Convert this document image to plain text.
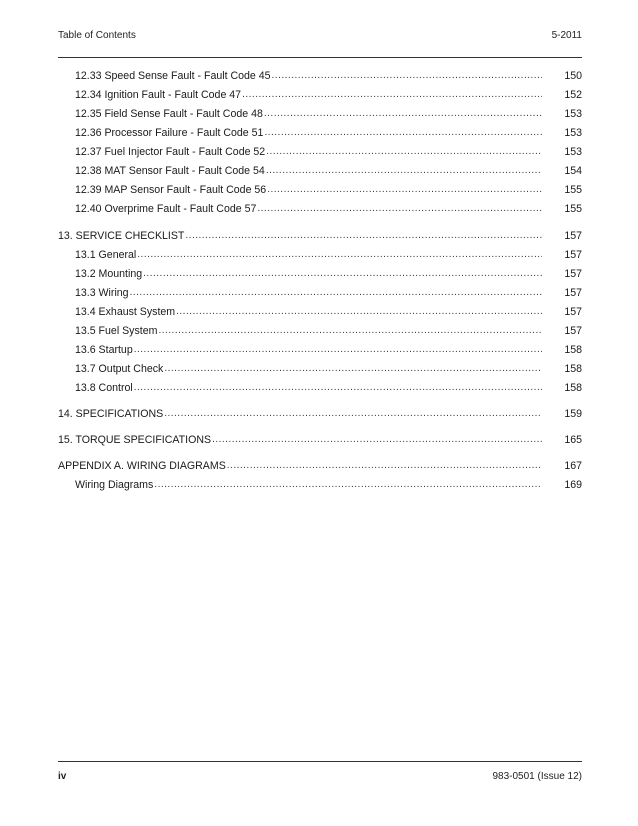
Table of Contents	5-2011
12.33 Speed Sense Fault - Fault Code 45 .....	150
12.34 Ignition Fault - Fault Code 47 .....	152
12.35 Field Sense Fault - Fault Code 48 .....	153
12.36 Processor Failure - Fault Code 51 .....	153
12.37 Fuel Injector Fault - Fault Code 52 .....	153
12.38 MAT Sensor Fault - Fault Code 54 .....	154
12.39 MAP Sensor Fault - Fault Code 56 .....	155
12.40 Overprime Fault - Fault Code 57 .....	155
13. SERVICE CHECKLIST .....	157
13.1 General .....	157
13.2 Mounting .....	157
13.3 Wiring .....	157
13.4 Exhaust System .....	157
13.5 Fuel System .....	157
13.6 Startup .....	158
13.7 Output Check .....	158
13.8 Control .....	158
14. SPECIFICATIONS .....	159
15. TORQUE SPECIFICATIONS .....	165
APPENDIX A. WIRING DIAGRAMS .....	167
Wiring Diagrams .....	169
iv	983-0501 (Issue 12)
